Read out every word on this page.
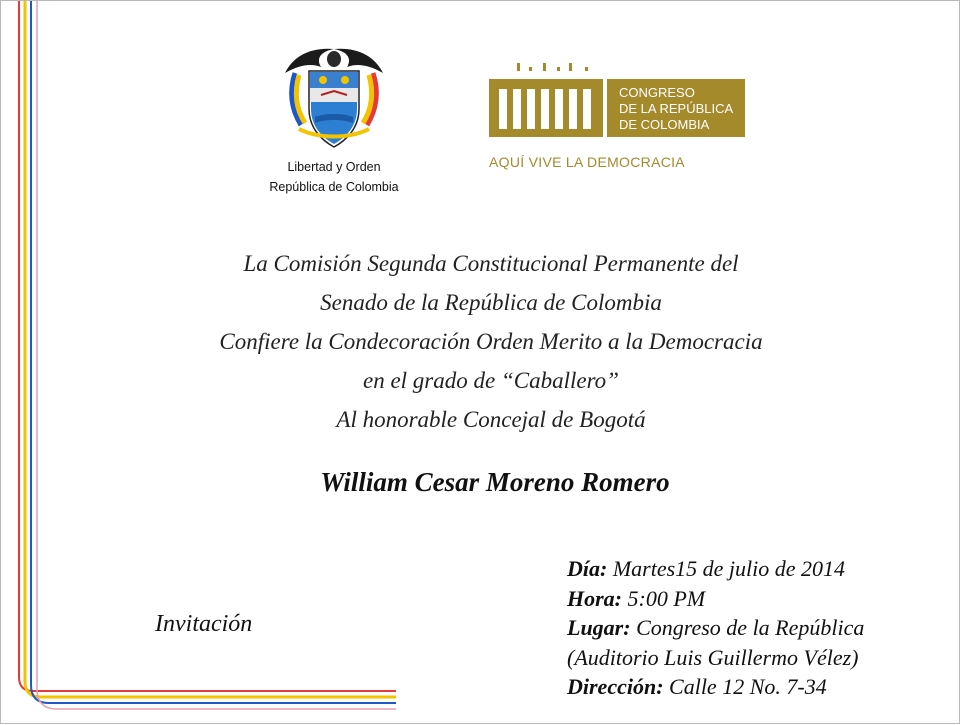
Libertad y Orden
República de Colombia
CONGRESO
DE LA REPÚBLICA
DE COLOMBIA
AQUÍ VIVE LA DEMOCRACIA
La Comisión Segunda Constitucional Permanente del
Senado de la República de Colombia
Confiere la Condecoración Orden Merito a la Democracia
en el grado de “Caballero”
Al honorable Concejal de Bogotá
William Cesar Moreno Romero
Invitación
Día: Martes15 de julio de 2014
Hora: 5:00 PM
Lugar: Congreso de la República
(Auditorio Luis Guillermo Vélez)
Dirección: Calle 12 No. 7-34
